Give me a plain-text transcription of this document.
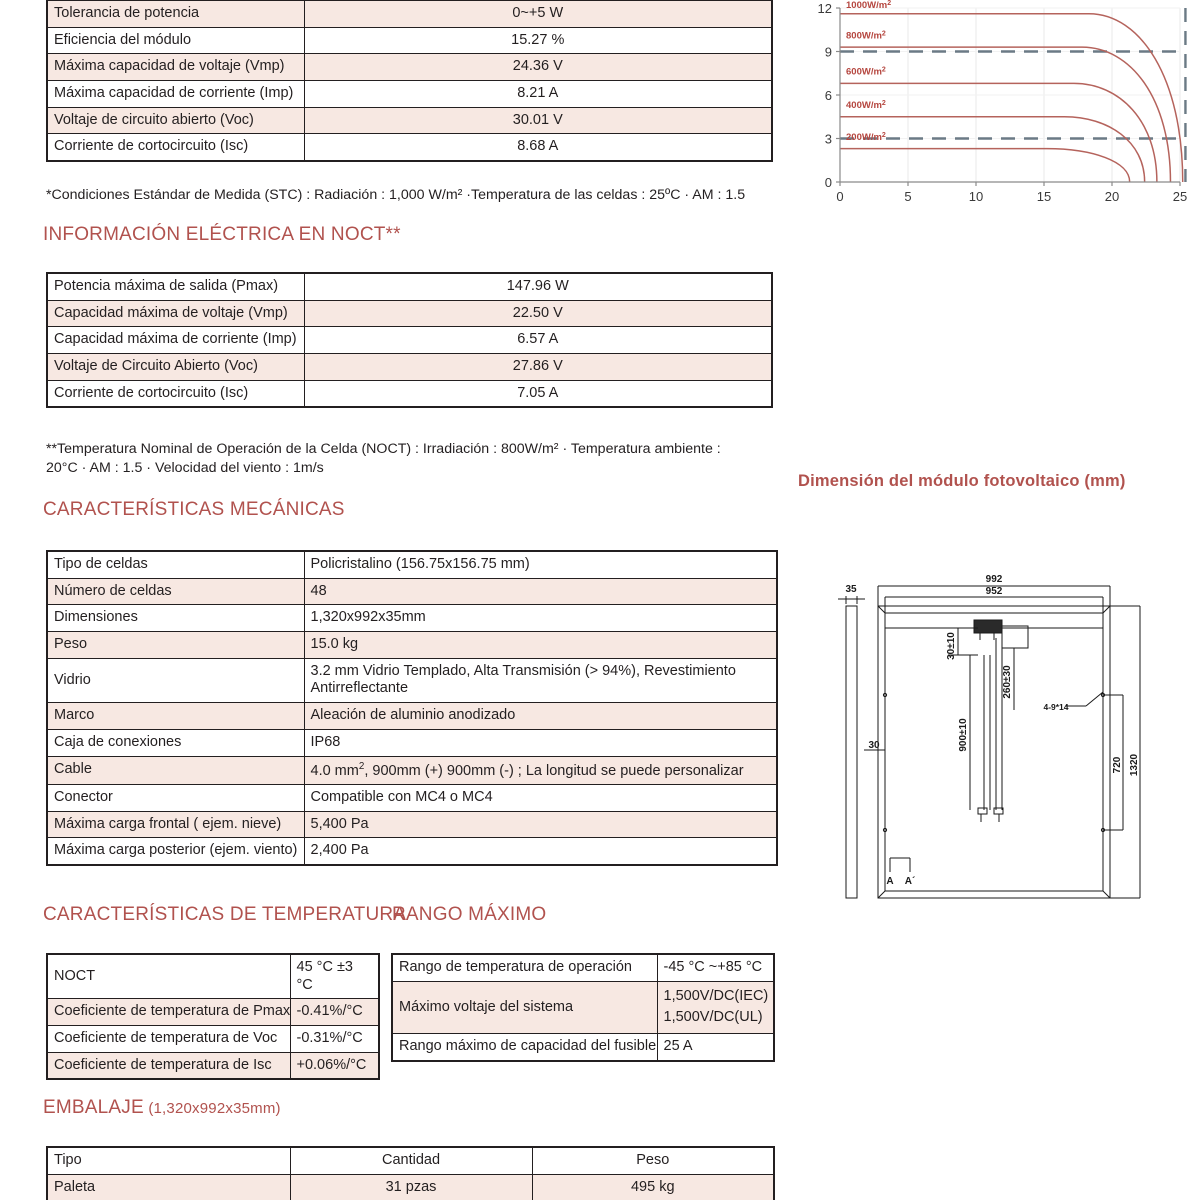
Tolerancia de potencia	0~+5 W
Eficiencia del módulo	15.27 %
Máxima capacidad de voltaje (Vmp)	24.36 V
Máxima capacidad de corriente (Imp)	8.21 A
Voltaje de circuito abierto (Voc)	30.01 V
Corriente de cortocircuito (Isc)	8.68 A
0
3
6
9
12
0	5	10	15	20	25
$1000W/m^2$
$800W/m^2$
$600W/m^2$
$400W/m^2$
$200W/m^2$
*Condiciones Estándar de Medida (STC) : Radiación : 1,000 W/m² ·Temperatura de las celdas : 25ºC · AM : 1.5
INFORMACIÓN ELÉCTRICA EN NOCT**
Potencia máxima de salida (Pmax)	147.96 W
Capacidad máxima de voltaje (Vmp)	22.50 V
Capacidad máxima de corriente (Imp)	6.57 A
Voltaje de Circuito Abierto (Voc)	27.86 V
Corriente de cortocircuito (Isc)	7.05 A
**Temperatura Nominal de Operación de la Celda (NOCT) : Irradiación : 800W/m² · Temperatura ambiente :
20°C · AM : 1.5 · Velocidad del viento : 1m/s
CARACTERÍSTICAS MECÁNICAS
Dimensión del módulo fotovoltaico (mm)
Tipo de celdas	Policristalino (156.75x156.75 mm)
Número de celdas	48
Dimensiones	1,320x992x35mm
Peso	15.0 kg
Vidrio	3.2 mm Vidrio Templado, Alta Transmisión (> 94%), Revestimiento Antirreflectante
Marco	Aleación de aluminio anodizado
Caja de conexiones	IP68
Cable	4.0 $mm^2$, 900mm (+) 900mm (-) ; La longitud se puede personalizar
Conector	Compatible con MC4 o MC4
Máxima carga frontal ( ejem. nieve)	5,400 Pa
Máxima carga posterior (ejem. viento)	2,400 Pa
992
952
35
30±10
260±30
900±10
30
4-9*14
720 1320
A A´
CARACTERÍSTICAS DE TEMPERATURA
RANGO MÁXIMO
NOCT	45 °C ±3 °C
Coeficiente de temperatura de Pmax	-0.41%/°C
Coeficiente de temperatura de Voc	-0.31%/°C
Coeficiente de temperatura de Isc	+0.06%/°C
Rango de temperatura de operación	-45 °C ~+85 °C
Máximo voltaje del sistema	1,500V/DC(IEC)
1,500V/DC(UL)

Rango máximo de capacidad del fusible	25 A
EMBALAJE (1,320x992x35mm)
Tipo	Cantidad	Peso
Paleta	31 pzas	495 kg
